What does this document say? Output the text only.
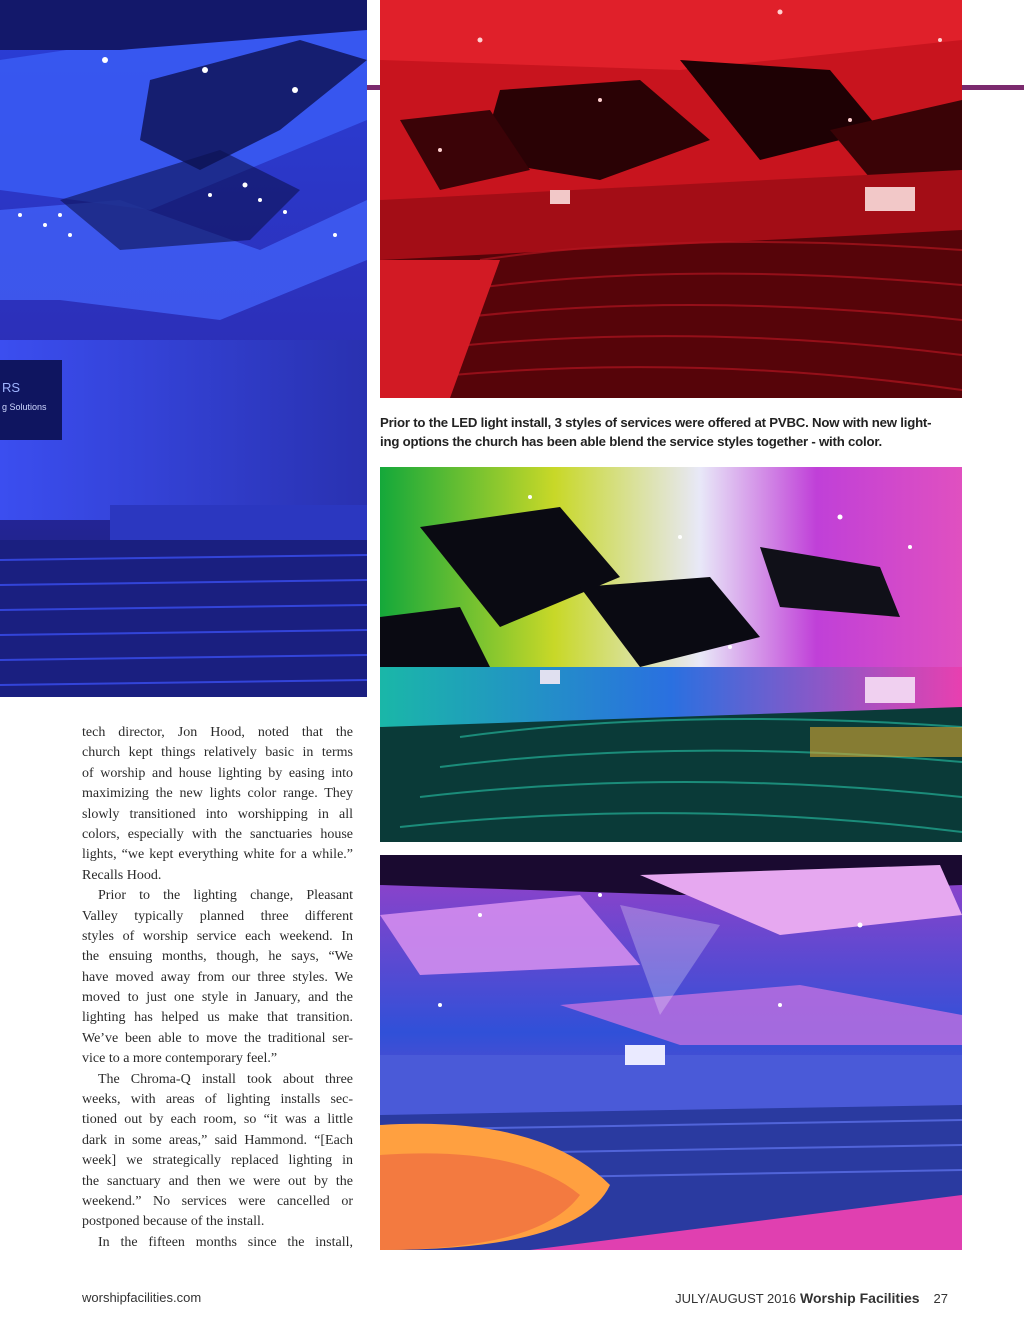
RS
g Solutions
Prior to the LED light install, 3 styles of services were offered at PVBC. Now with new light-
ing options the church has been able blend the service styles together - with color.
tech director, Jon Hood, noted that the
church kept things relatively basic in terms
of worship and house lighting by easing into
maximizing the new lights color range. They
slowly transitioned into worshipping in all
colors, especially with the sanctuaries house
lights, “we kept everything white for a while.”
Recalls Hood.
Prior to the lighting change, Pleasant
Valley typically planned three different
styles of worship service each weekend. In
the ensuing months, though, he says, “We
have moved away from our three styles. We
moved to just one style in January, and the
lighting has helped us make that transition.
We’ve been able to move the traditional ser-
vice to a more contemporary feel.”
The Chroma-Q install took about three
weeks, with areas of lighting installs sec-
tioned out by each room, so “it was a little
dark in some areas,” said Hammond. “[Each
week] we strategically replaced lighting in
the sanctuary and then we were out by the
weekend.” No services were cancelled or
postponed because of the install.
In the fifteen months since the install,
worshipfacilities.com	JULY/AUGUST 2016 Worship Facilities 27
